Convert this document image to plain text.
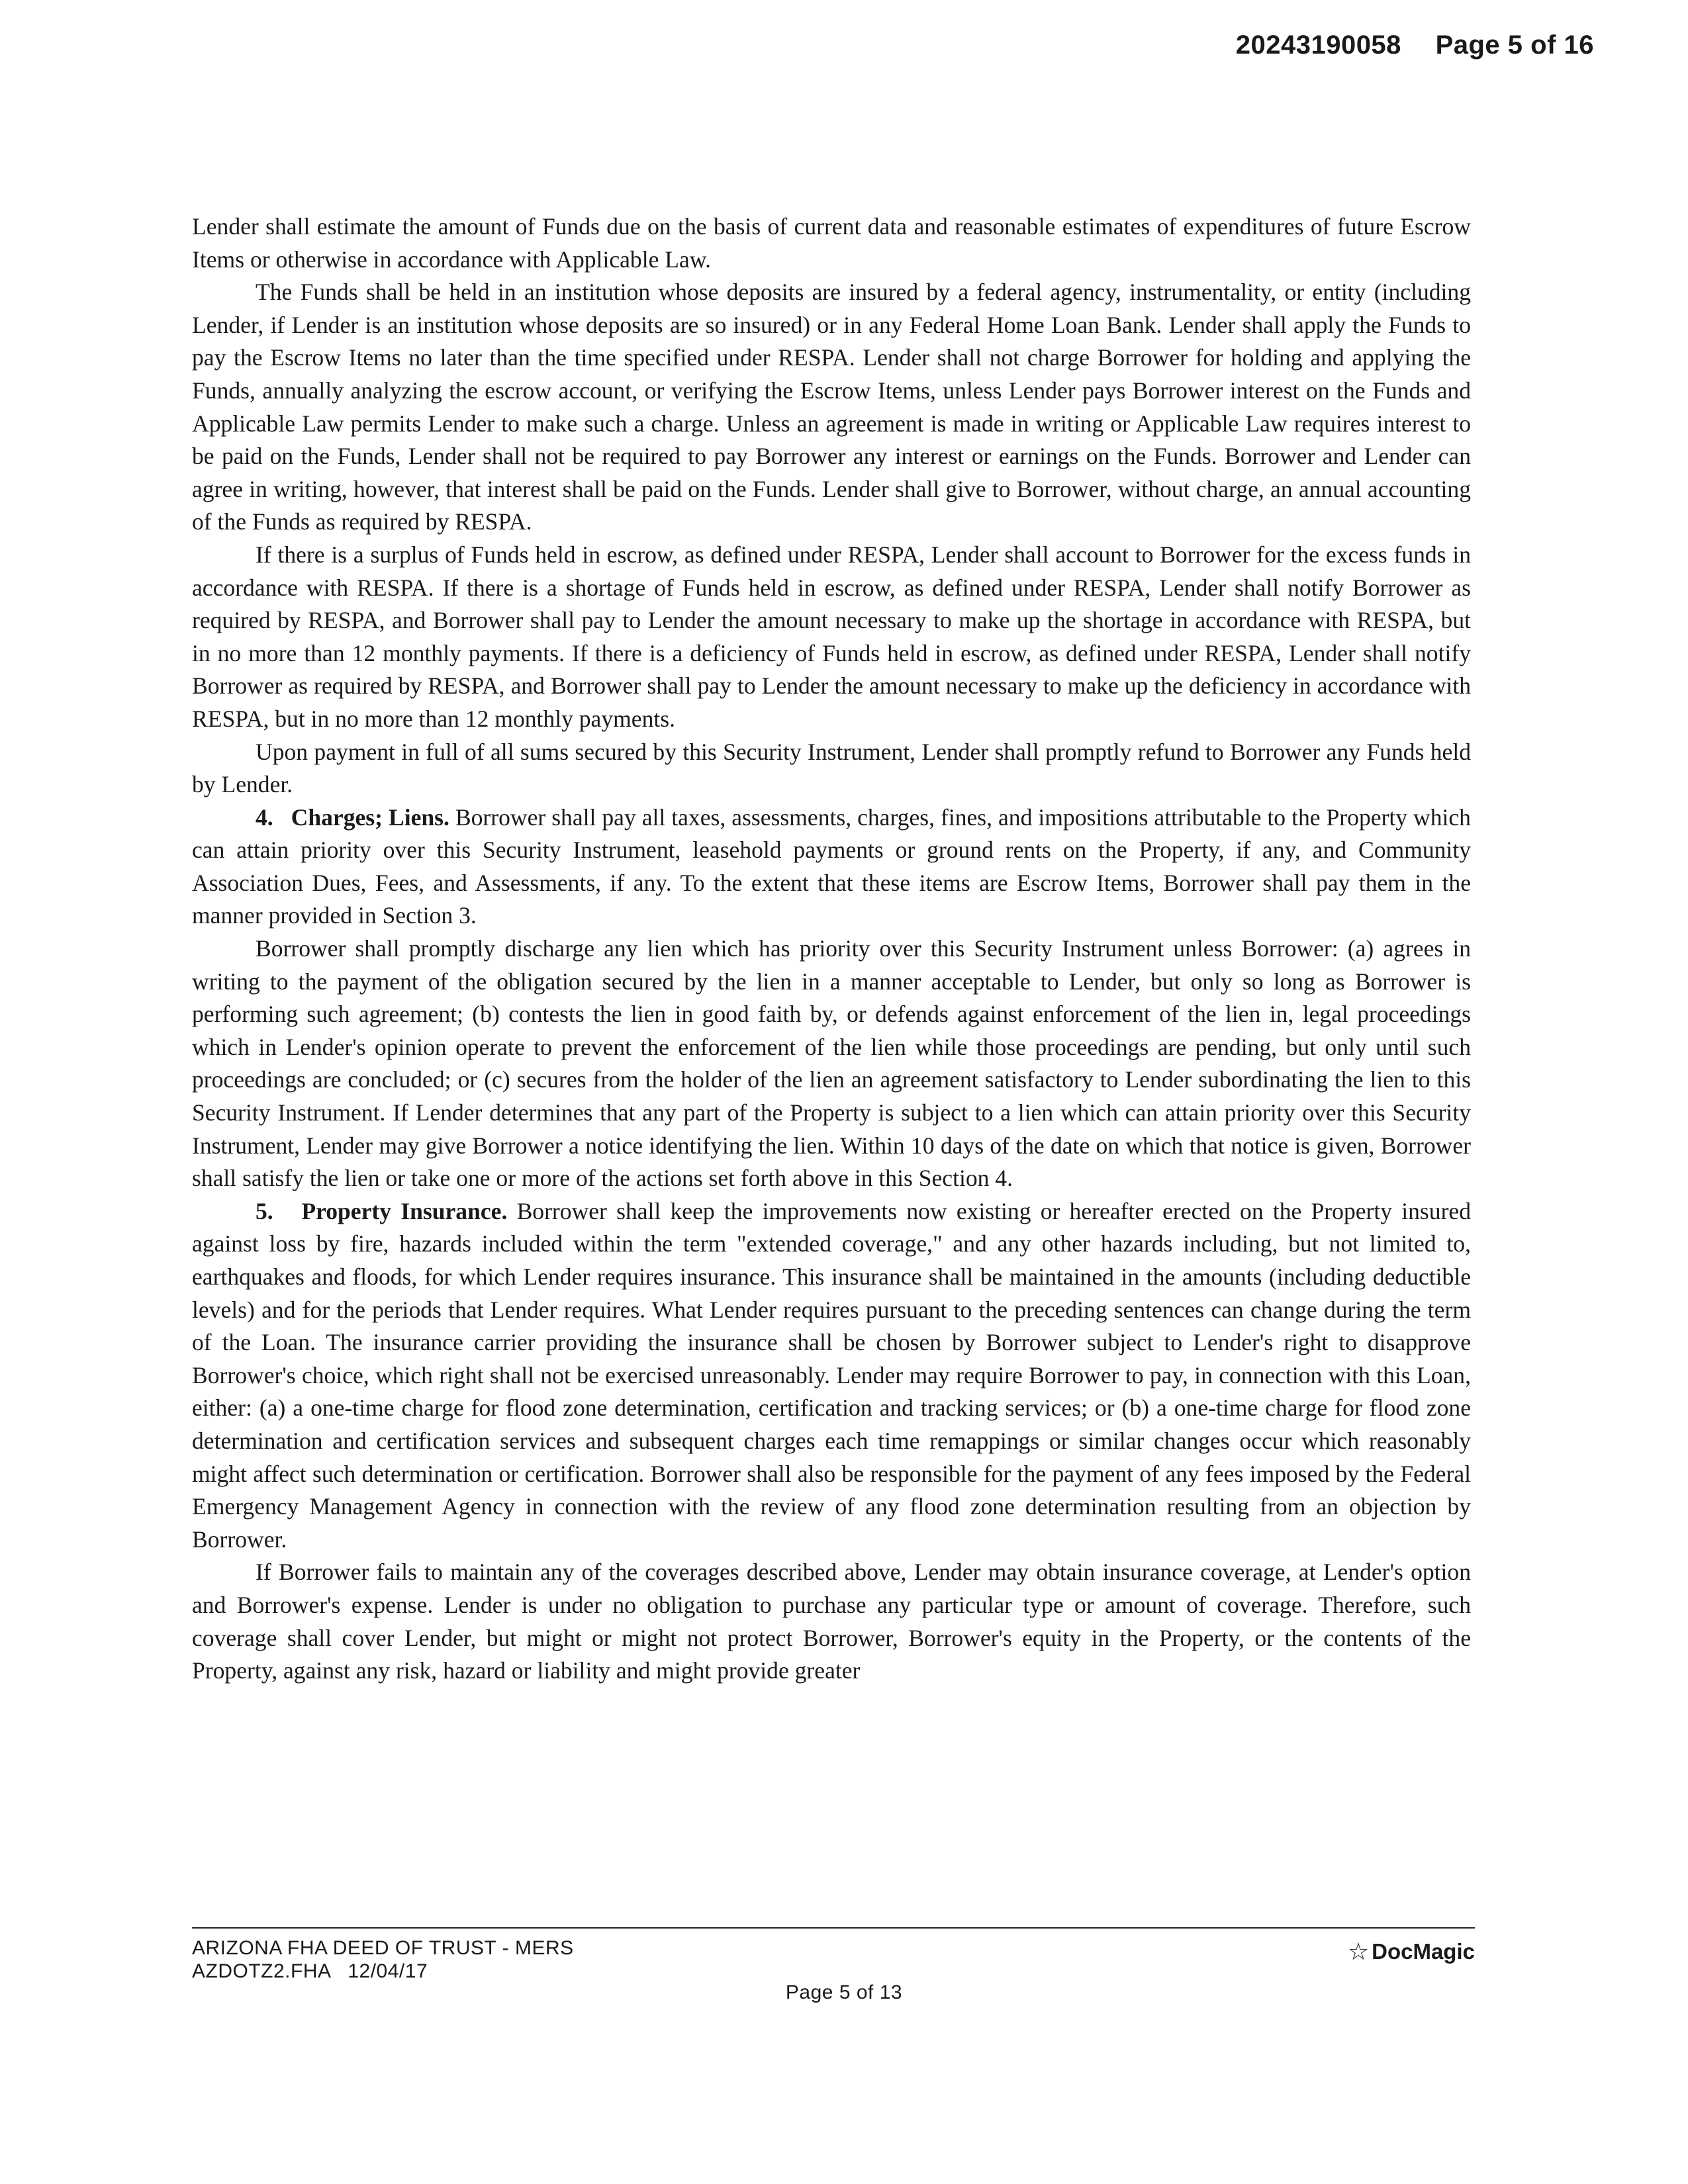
20243190058 Page 5 of 16

Lender shall estimate the amount of Funds due on the basis of current data and reasonable estimates of expenditures of future Escrow Items or otherwise in accordance with Applicable Law.

The Funds shall be held in an institution whose deposits are insured by a federal agency, instrumentality, or entity (including Lender, if Lender is an institution whose deposits are so insured) or in any Federal Home Loan Bank. Lender shall apply the Funds to pay the Escrow Items no later than the time specified under RESPA. Lender shall not charge Borrower for holding and applying the Funds, annually analyzing the escrow account, or verifying the Escrow Items, unless Lender pays Borrower interest on the Funds and Applicable Law permits Lender to make such a charge. Unless an agreement is made in writing or Applicable Law requires interest to be paid on the Funds, Lender shall not be required to pay Borrower any interest or earnings on the Funds. Borrower and Lender can agree in writing, however, that interest shall be paid on the Funds. Lender shall give to Borrower, without charge, an annual accounting of the Funds as required by RESPA.

If there is a surplus of Funds held in escrow, as defined under RESPA, Lender shall account to Borrower for the excess funds in accordance with RESPA. If there is a shortage of Funds held in escrow, as defined under RESPA, Lender shall notify Borrower as required by RESPA, and Borrower shall pay to Lender the amount necessary to make up the shortage in accordance with RESPA, but in no more than 12 monthly payments. If there is a deficiency of Funds held in escrow, as defined under RESPA, Lender shall notify Borrower as required by RESPA, and Borrower shall pay to Lender the amount necessary to make up the deficiency in accordance with RESPA, but in no more than 12 monthly payments.

Upon payment in full of all sums secured by this Security Instrument, Lender shall promptly refund to Borrower any Funds held by Lender.

4. Charges; Liens. Borrower shall pay all taxes, assessments, charges, fines, and impositions attributable to the Property which can attain priority over this Security Instrument, leasehold payments or ground rents on the Property, if any, and Community Association Dues, Fees, and Assessments, if any. To the extent that these items are Escrow Items, Borrower shall pay them in the manner provided in Section 3.

Borrower shall promptly discharge any lien which has priority over this Security Instrument unless Borrower: (a) agrees in writing to the payment of the obligation secured by the lien in a manner acceptable to Lender, but only so long as Borrower is performing such agreement; (b) contests the lien in good faith by, or defends against enforcement of the lien in, legal proceedings which in Lender's opinion operate to prevent the enforcement of the lien while those proceedings are pending, but only until such proceedings are concluded; or (c) secures from the holder of the lien an agreement satisfactory to Lender subordinating the lien to this Security Instrument. If Lender determines that any part of the Property is subject to a lien which can attain priority over this Security Instrument, Lender may give Borrower a notice identifying the lien. Within 10 days of the date on which that notice is given, Borrower shall satisfy the lien or take one or more of the actions set forth above in this Section 4.

5. Property Insurance. Borrower shall keep the improvements now existing or hereafter erected on the Property insured against loss by fire, hazards included within the term "extended coverage," and any other hazards including, but not limited to, earthquakes and floods, for which Lender requires insurance. This insurance shall be maintained in the amounts (including deductible levels) and for the periods that Lender requires. What Lender requires pursuant to the preceding sentences can change during the term of the Loan. The insurance carrier providing the insurance shall be chosen by Borrower subject to Lender's right to disapprove Borrower's choice, which right shall not be exercised unreasonably. Lender may require Borrower to pay, in connection with this Loan, either: (a) a one-time charge for flood zone determination, certification and tracking services; or (b) a one-time charge for flood zone determination and certification services and subsequent charges each time remappings or similar changes occur which reasonably might affect such determination or certification. Borrower shall also be responsible for the payment of any fees imposed by the Federal Emergency Management Agency in connection with the review of any flood zone determination resulting from an objection by Borrower.

If Borrower fails to maintain any of the coverages described above, Lender may obtain insurance coverage, at Lender's option and Borrower's expense. Lender is under no obligation to purchase any particular type or amount of coverage. Therefore, such coverage shall cover Lender, but might or might not protect Borrower, Borrower's equity in the Property, or the contents of the Property, against any risk, hazard or liability and might provide greater

ARIZONA FHA DEED OF TRUST - MERS
AZDOTZ2.FHA   12/04/17
☆ DocMagic
Page 5 of 13
